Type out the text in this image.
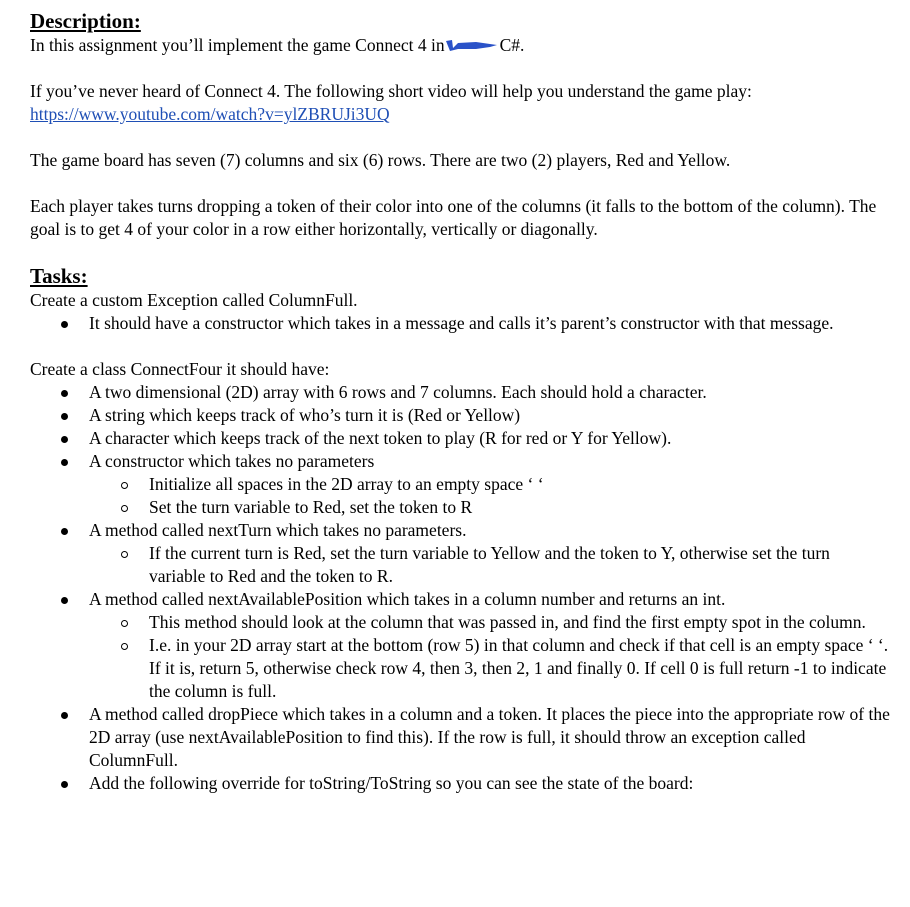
Description:

In this assignment you’ll implement the game Connect 4 in	C#.

If you’ve never heard of Connect 4. The following short video will help you understand the game play:

https://www.youtube.com/watch?v=ylZBRUJi3UQ

The game board has seven (7) columns and six (6) rows. There are two (2) players, Red and Yellow.

Each player takes turns dropping a token of their color into one of the columns (it falls to the bottom of the column). The goal is to get 4 of your color in a row either horizontally, vertically or diagonally.

Tasks:

Create a custom Exception called ColumnFull.

It should have a constructor which takes in a message and calls it’s parent’s constructor with that message.

Create a class ConnectFour it should have:

A two dimensional (2D) array with 6 rows and 7 columns. Each should hold a character.
A string which keeps track of who’s turn it is (Red or Yellow)
A character which keeps track of the next token to play (R for red or Y for Yellow).
A constructor which takes no parameters
Initialize all spaces in the 2D array to an empty space ‘ ‘
Set the turn variable to Red, set the token to R
A method called nextTurn which takes no parameters.
If the current turn is Red, set the turn variable to Yellow and the token to Y, otherwise set the turn variable to Red and the token to R.
A method called nextAvailablePosition which takes in a column number and returns an int.
This method should look at the column that was passed in, and find the first empty spot in the column.
I.e. in your 2D array start at the bottom (row 5) in that column and check if that cell is an empty space ‘ ‘. If it is, return 5, otherwise check row 4, then 3, then 2, 1 and finally 0. If cell 0 is full return -1 to indicate the column is full.
A method called dropPiece which takes in a column and a token. It places the piece into the appropriate row of the 2D array (use nextAvailablePosition to find this). If the row is full, it should throw an exception called ColumnFull.
Add the following override for toString/ToString so you can see the state of the board:
